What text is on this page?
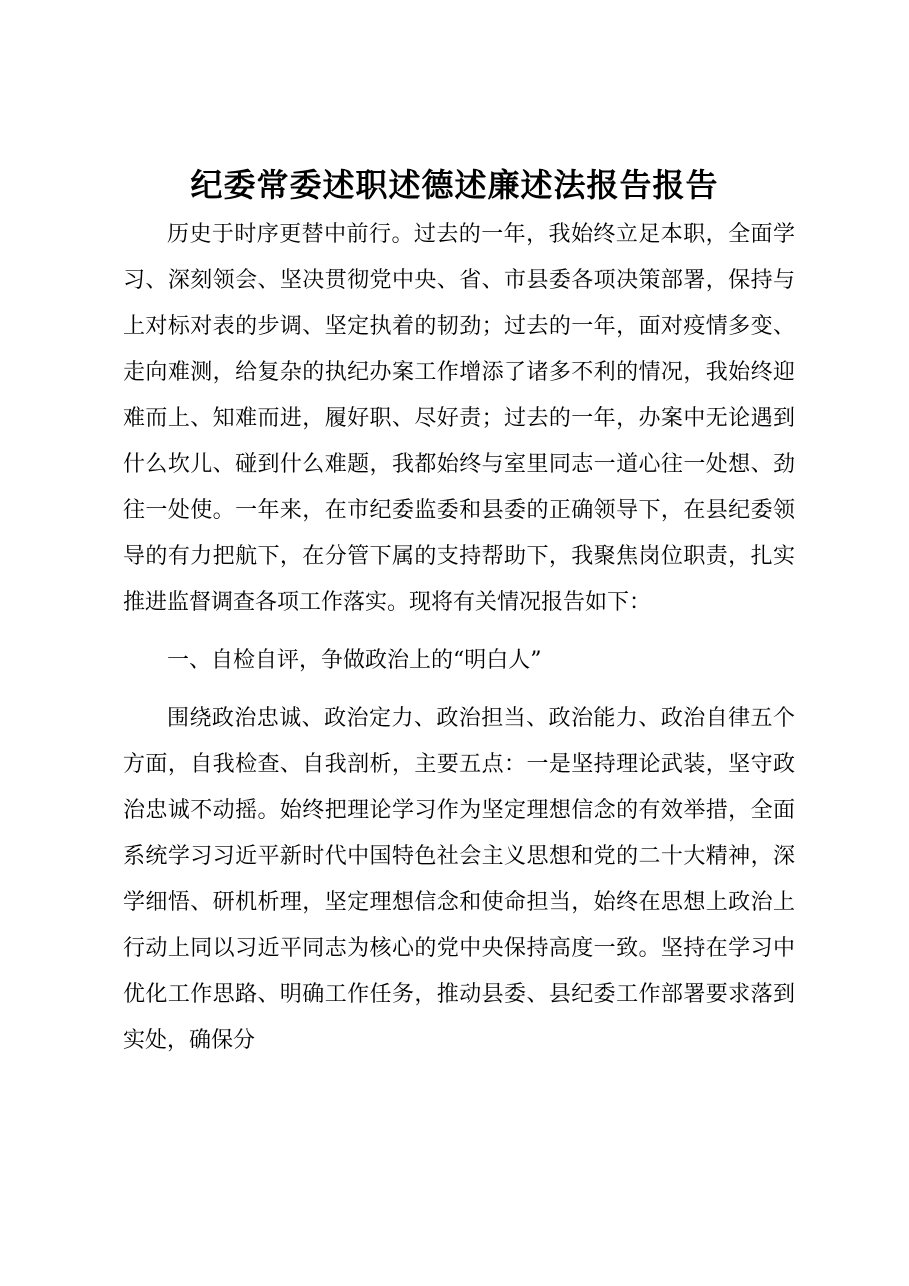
纪委常委述职述德述廉述法报告报告

历史于时序更替中前行。过去的一年，我始终立足本职，全面学习、深刻领会、坚决贯彻党中央、省、市县委各项决策部署，保持与上对标对表的步调、坚定执着的韧劲；过去的一年，面对疫情多变、走向难测，给复杂的执纪办案工作增添了诸多不利的情况，我始终迎难而上、知难而进，履好职、尽好责；过去的一年，办案中无论遇到什么坎儿、碰到什么难题，我都始终与室里同志一道心往一处想、劲往一处使。一年来，在市纪委监委和县委的正确领导下，在县纪委领导的有力把航下，在分管下属的支持帮助下，我聚焦岗位职责，扎实推进监督调查各项工作落实。现将有关情况报告如下：

一、自检自评，争做政治上的“明白人”

围绕政治忠诚、政治定力、政治担当、政治能力、政治自律五个方面，自我检查、自我剖析，主要五点：一是坚持理论武装，坚守政治忠诚不动摇。始终把理论学习作为坚定理想信念的有效举措，全面系统学习习近平新时代中国特色社会主义思想和党的二十大精神，深学细悟、研机析理，坚定理想信念和使命担当，始终在思想上政治上行动上同以习近平同志为核心的党中央保持高度一致。坚持在学习中优化工作思路、明确工作任务，推动县委、县纪委工作部署要求落到实处，确保分
